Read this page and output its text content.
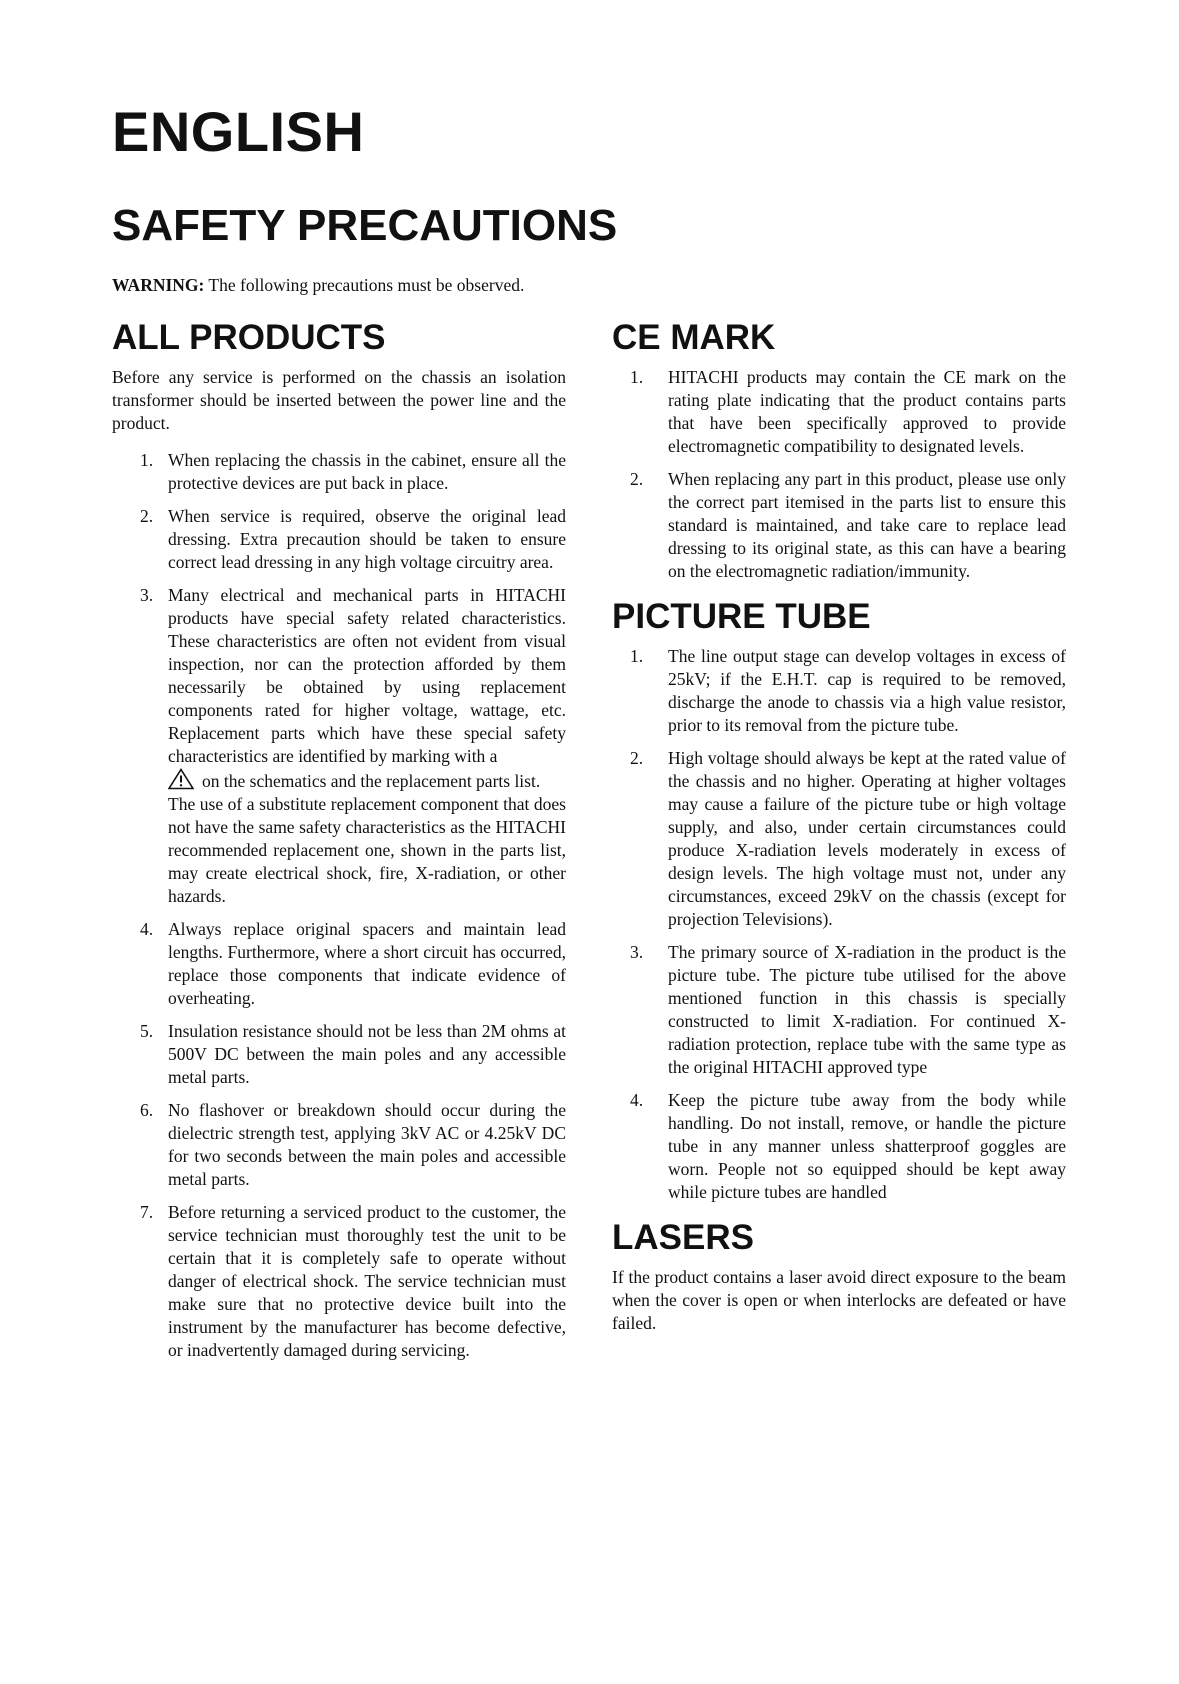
ENGLISH
SAFETY PRECAUTIONS

WARNING: The following precautions must be observed.

ALL PRODUCTS

Before any service is performed on the chassis an isolation transformer should be inserted between the power line and the product.

1. When replacing the chassis in the cabinet, ensure all the protective devices are put back in place.
2. When service is required, observe the original lead dressing. Extra precaution should be taken to ensure correct lead dressing in any high voltage circuitry area.
3. Many electrical and mechanical parts in HITACHI products have special safety related characteristics. These characteristics are often not evident from visual inspection, nor can the protection afforded by them necessarily be obtained by using replacement components rated for higher voltage, wattage, etc. Replacement parts which have these special safety characteristics are identified by marking with a
on the schematics and the replacement parts list.
The use of a substitute replacement component that does not have the same safety characteristics as the HITACHI recommended replacement one, shown in the parts list, may create electrical shock, fire, X-radiation, or other hazards.
4. Always replace original spacers and maintain lead lengths. Furthermore, where a short circuit has occurred, replace those components that indicate evidence of overheating.
5. Insulation resistance should not be less than 2M ohms at 500V DC between the main poles and any accessible metal parts.
6. No flashover or breakdown should occur during the dielectric strength test, applying 3kV AC or 4.25kV DC for two seconds between the main poles and accessible metal parts.
7. Before returning a serviced product to the customer, the service technician must thoroughly test the unit to be certain that it is completely safe to operate without danger of electrical shock. The service technician must make sure that no protective device built into the instrument by the manufacturer has become defective, or inadvertently damaged during servicing.
CE MARK
1. HITACHI products may contain the CE mark on the rating plate indicating that the product contains parts that have been specifically approved to provide electromagnetic compatibility to designated levels.
2. When replacing any part in this product, please use only the correct part itemised in the parts list to ensure this standard is maintained, and take care to replace lead dressing to its original state, as this can have a bearing on the electromagnetic radiation/immunity.
PICTURE TUBE
1. The line output stage can develop voltages in excess of 25kV; if the E.H.T. cap is required to be removed, discharge the anode to chassis via a high value resistor, prior to its removal from the picture tube.
2. High voltage should always be kept at the rated value of the chassis and no higher. Operating at higher voltages may cause a failure of the picture tube or high voltage supply, and also, under certain circumstances could produce X-radiation levels moderately in excess of design levels. The high voltage must not, under any circumstances, exceed 29kV on the chassis (except for projection Televisions).
3. The primary source of X-radiation in the product is the picture tube. The picture tube utilised for the above mentioned function in this chassis is specially constructed to limit X-radiation. For continued X-radiation protection, replace tube with the same type as the original HITACHI approved type
4. Keep the picture tube away from the body while handling. Do not install, remove, or handle the picture tube in any manner unless shatterproof goggles are worn. People not so equipped should be kept away while picture tubes are handled
LASERS

If the product contains a laser avoid direct exposure to the beam when the cover is open or when interlocks are defeated or have failed.
